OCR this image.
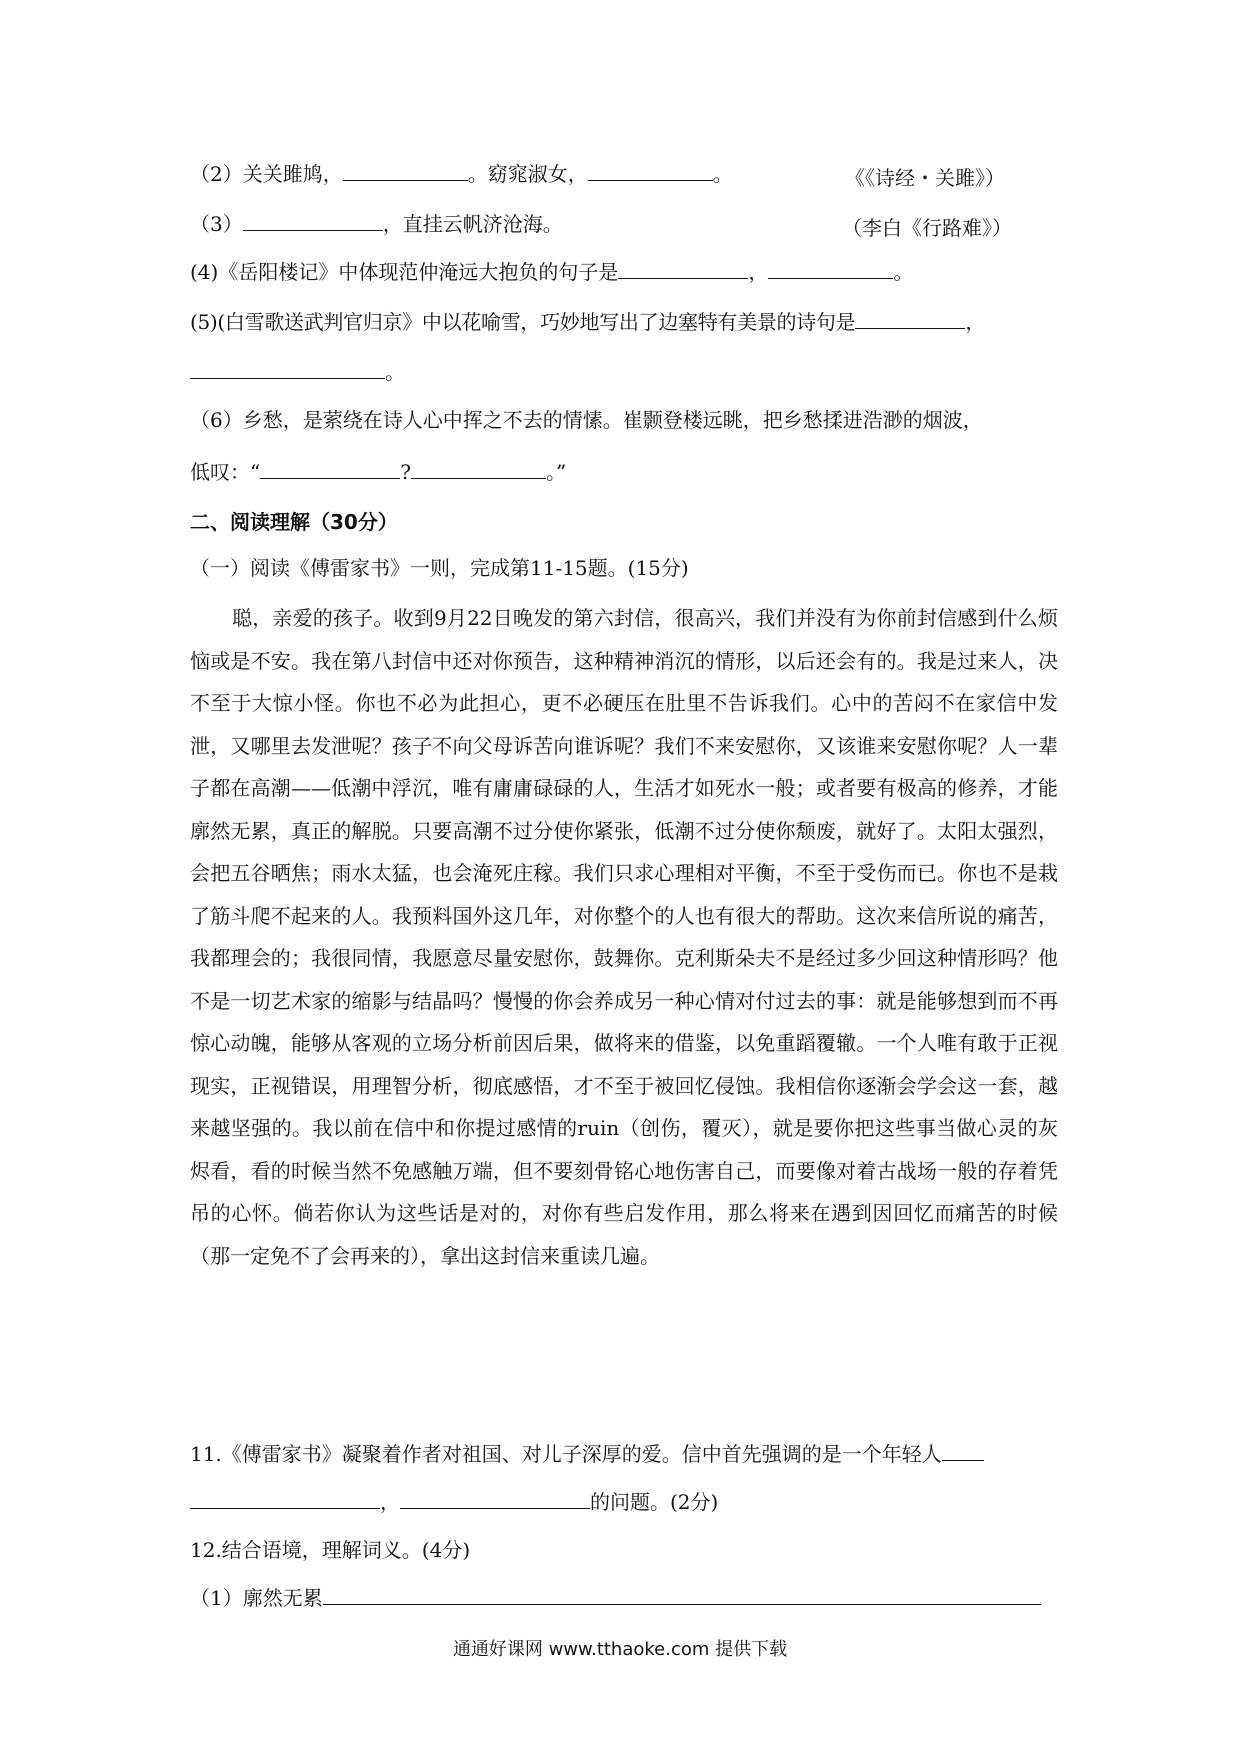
（2）关关雎鸠，	。窈窕淑女，	。	《《诗经・关雎》）
（3）	，直挂云帆济沧海。	（李白《行路难》）
(4)《岳阳楼记》中体现范仲淹远大抱负的句子是	，	。
(5)(白雪歌送武判官归京》中以花喻雪，巧妙地写出了边塞特有美景的诗句是	，
。
（6）乡愁，是萦绕在诗人心中挥之不去的情愫。崔颢登楼远眺，把乡愁揉进浩渺的烟波，
低叹：“	?	。”
二、阅读理解（30分）
（一）阅读《傅雷家书》一则，完成第11-15题。(15分)
聪，亲爱的孩子。收到9月22日晚发的第六封信，很高兴，我们并没有为你前封信感到什么烦恼或是不安。我在第八封信中还对你预告，这种精神消沉的情形，以后还会有的。我是过来人，决不至于大惊小怪。你也不必为此担心，更不必硬压在肚里不告诉我们。心中的苦闷不在家信中发泄，又哪里去发泄呢？孩子不向父母诉苦向谁诉呢？我们不来安慰你，又该谁来安慰你呢？人一辈子都在高潮——低潮中浮沉，唯有庸庸碌碌的人，生活才如死水一般；或者要有极高的修养，才能廓然无累，真正的解脱。只要高潮不过分使你紧张，低潮不过分使你颓废，就好了。太阳太强烈，会把五谷晒焦；雨水太猛，也会淹死庄稼。我们只求心理相对平衡，不至于受伤而已。你也不是栽了筋斗爬不起来的人。我预料国外这几年，对你整个的人也有很大的帮助。这次来信所说的痛苦，我都理会的；我很同情，我愿意尽量安慰你，鼓舞你。克利斯朵夫不是经过多少回这种情形吗？他不是一切艺术家的缩影与结晶吗？慢慢的你会养成另一种心情对付过去的事：就是能够想到而不再惊心动魄，能够从客观的立场分析前因后果，做将来的借鉴，以免重蹈覆辙。一个人唯有敢于正视现实，正视错误，用理智分析，彻底感悟，才不至于被回忆侵蚀。我相信你逐渐会学会这一套，越来越坚强的。我以前在信中和你提过感情的ruin（创伤，覆灭），就是要你把这些事当做心灵的灰烬看，看的时候当然不免感触万端，但不要刻骨铭心地伤害自己，而要像对着古战场一般的存着凭吊的心怀。倘若你认为这些话是对的，对你有些启发作用，那么将来在遇到因回忆而痛苦的时候（那一定免不了会再来的），拿出这封信来重读几遍。
11.《傅雷家书》凝聚着作者对祖国、对儿子深厚的爱。信中首先强调的是一个年轻人
，	的问题。(2分)
12.结合语境，理解词义。(4分)
（1）廓然无累
通通好课网 www.tthaoke.com 提供下载
